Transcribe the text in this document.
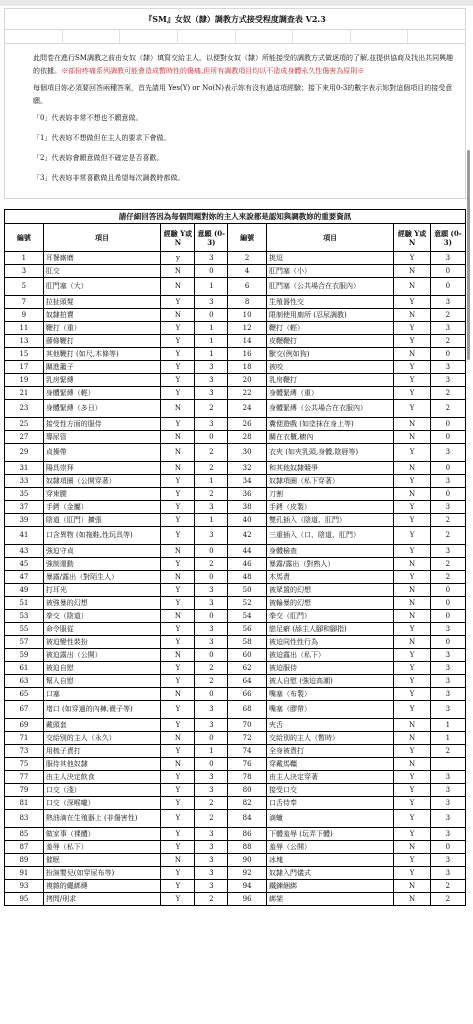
『SM』女奴（隸）調教方式接受程度調查表 V2.3

此問卷在進行SM調教之前由女奴（隸）填寫交給主人。以便對女奴（隸）所能接受的調教方式做逐項的了解,並提供協商及找出共同興趣的依據。※部份疼痛系列調教可能會造成暫時性的傷痛,但所有調教項目均以不造成身體永久性傷害為原則※

每個項目妳必須要回答兩種答案，首先請用 Yes(Y) or No(N)表示妳有沒有過這項經驗；接下來用0-3的數字表示妳對這個項目的接受意願。

「0」代表妳非常不想也不願意做。
「1」代表妳不想做但在主人的要求下會做。
「2」代表妳會願意做但不確定是否喜歡。
「3」代表妳非常喜歡做且希望每次調教時都做。
請仔細回答因為每個問題對妳的主人來說都是認知與調教妳的重要資訊
編號	項目	經驗 Y或N	意願 (0-3)	編號	項目	經驗 Y或N	意願 (0-3)
1	耳餐廝磨	y	3	2	挑逗	Y	3
3	肛交	N	0	4	肛門塞（小）	N	0
5	肛門塞（大）	N	1	6	肛門塞（公共場合在衣服內）	N	0
7	拉扯頭髮	Y	3	8	生殖器性交	Y	3
9	奴隸拍賣	N	0	10	限制使用廁所 (忍尿調教)	N	2
11	鞭打（重）	Y	1	12	鞭打（輕）	Y	3
13	藤條鞭打	Y	1	14	皮鞭鞭打	Y	2
15	其他鞭打 (如尺,木條等)	Y	1	16	獸交(例如狗)	N	0
17	關進籠子	Y	3	18	被咬	Y	3
19	乳房緊縛	Y	3	20	乳房鞭打	Y	3
21	身體緊縛（輕）	Y	3	22	身體緊縛（重）	Y	2
23	身體緊縛（多日）	N	2	24	身體緊縛（公共場合在衣服內）	Y	2
25	接受性方面的服侍	Y	3	26	糞便遊戲 (如塗抹在身上等)	N	0
27	導尿管	N	0	28	關在衣櫃,櫥內	N	0
29	貞操帶	N	2	30	衣夾 (如夾乳頭,身體,陰唇等)	Y	3
31	陽具崇拜	N	2	32	和其他奴隸競爭	N	0
33	奴隸項圈（公開穿著）	Y	1	34	奴隸項圈（私下穿著）	Y	3
35	穿束腰	Y	2	36	刀割	N	0
37	手銬（金屬）	Y	3	38	手銬（皮製）	Y	3
39	陰道（肛門）擴張	Y	1	40	雙孔插入（陰道、肛門）	Y	2
41	口含異物 (如拖鞋,性玩具等)	Y	3	42	三重插入（口、陰道、肛門）	Y	2
43	強迫守貞	N	0	44	身體檢查	Y	3
45	強制運動	Y	2	46	暴露/露出（對熟人）	N	2
47	暴露/露出（對陌生人）	N	0	48	木馬責	Y	2
49	打耳光	Y	3	50	被眾置的幻想	N	0
51	被強暴的幻想	Y	3	52	被輪暴的幻想	N	0
53	拳交（陰道）	N	0	54	拳交（肛門）	N	0
55	命令服從	Y	3	56	戀足癖 (舔主人腳和腳指)	Y	3
57	被迫變性裝扮	Y	3	58	被迫同性性行為	N	0
59	被迫露出（公開）	N	0	60	被迫露出（私下）	Y	3
61	被迫自慰	Y	2	62	被迫服侍	Y	3
63	幫人自慰	Y	2	64	被人自慰 (強迫高潮)	Y	3
65	口塞	N	0	66	嘴塞（布製）	Y	3
67	堵口 (如穿過的內褲,襪子等)	Y	3	68	嘴塞（膠帶）	Y	3
69	戴頭套	Y	3	70	夾舌	N	1
71	交給別的主人（永久）	N	0	72	交給別的主人（暫時）	N	1
73	用梳子責打	Y	1	74	全身被責打	Y	2
75	服侍其他奴隸	N	0	76	穿戴馬韁	N	
77	由主人決定飲食	Y	3	78	由主人決定穿著	Y	3
79	口交（淺）	Y	3	80	接受口交	Y	3
81	口交（深喉嚨）	Y	2	82	口舌侍奉	Y	3
83	熱油滴在生殖器上 (非傷害性)	Y	2	84	滴蠟	Y	3
85	做家事（裸體）	Y	3	86	下體羞辱 (玩弄下體)	Y	3
87	羞辱（私下）	Y	3	88	羞辱（公開）	N	0
89	催眠	N	3	90	冰塊	Y	3
91	扮演嬰兒(如穿尿布等)	Y	3	92	奴隸入門儀式	Y	3
93	複雜的繩綁縛	Y	3	94	鐵鍊綑綁	N	2
95	拷問/刑求	Y	2	96	綁架	N	2
